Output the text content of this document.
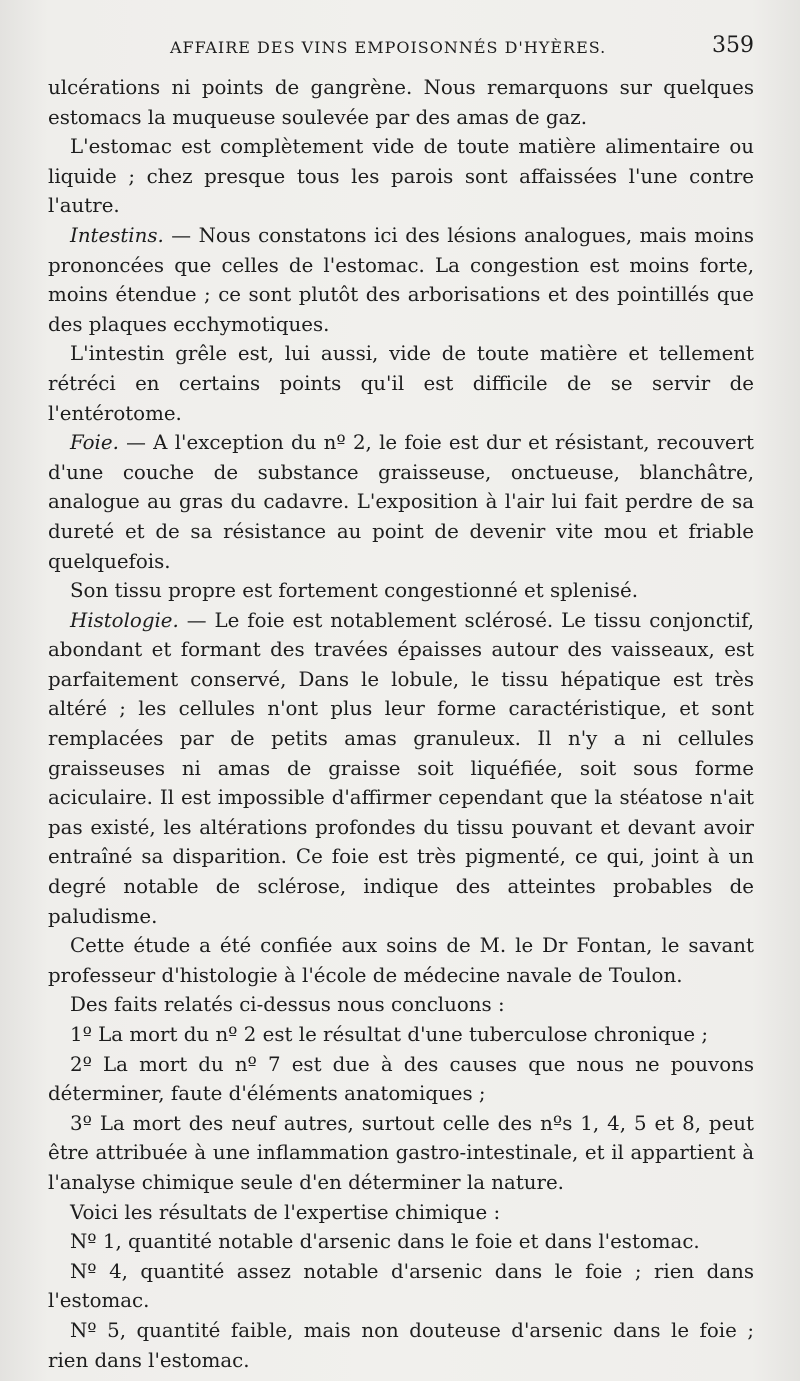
AFFAIRE DES VINS EMPOISONNÉS D'HYÈRES.	359

ulcérations ni points de gangrène. Nous remarquons sur quelques estomacs la muqueuse soulevée par des amas de gaz.

L'estomac est complètement vide de toute matière alimentaire ou liquide ; chez presque tous les parois sont affaissées l'une contre l'autre.

Intestins. — Nous constatons ici des lésions analogues, mais moins prononcées que celles de l'estomac. La congestion est moins forte, moins étendue ; ce sont plutôt des arborisations et des pointillés que des plaques ecchymotiques.

L'intestin grêle est, lui aussi, vide de toute matière et tellement rétréci en certains points qu'il est difficile de se servir de l'entérotome.

Foie. — A l'exception du nº 2, le foie est dur et résistant, recouvert d'une couche de substance graisseuse, onctueuse, blanchâtre, analogue au gras du cadavre. L'exposition à l'air lui fait perdre de sa dureté et de sa résistance au point de devenir vite mou et friable quelquefois.

Son tissu propre est fortement congestionné et splenisé.

Histologie. — Le foie est notablement sclérosé. Le tissu conjonctif, abondant et formant des travées épaisses autour des vaisseaux, est parfaitement conservé, Dans le lobule, le tissu hépatique est très altéré ; les cellules n'ont plus leur forme caractéristique, et sont remplacées par de petits amas granuleux. Il n'y a ni cellules graisseuses ni amas de graisse soit liquéfiée, soit sous forme aciculaire. Il est impossible d'affirmer cependant que la stéatose n'ait pas existé, les altérations profondes du tissu pouvant et devant avoir entraîné sa disparition. Ce foie est très pigmenté, ce qui, joint à un degré notable de sclérose, indique des atteintes probables de paludisme.

Cette étude a été confiée aux soins de M. le Dr Fontan, le savant professeur d'histologie à l'école de médecine navale de Toulon.

Des faits relatés ci-dessus nous concluons :

1º La mort du nº 2 est le résultat d'une tuberculose chronique ;

2º La mort du nº 7 est due à des causes que nous ne pouvons déterminer, faute d'éléments anatomiques ;

3º La mort des neuf autres, surtout celle des nºs 1, 4, 5 et 8, peut être attribuée à une inflammation gastro-intestinale, et il appartient à l'analyse chimique seule d'en déterminer la nature.

Voici les résultats de l'expertise chimique :

Nº 1, quantité notable d'arsenic dans le foie et dans l'estomac.

Nº 4, quantité assez notable d'arsenic dans le foie ; rien dans l'estomac.

Nº 5, quantité faible, mais non douteuse d'arsenic dans le foie ; rien dans l'estomac.
